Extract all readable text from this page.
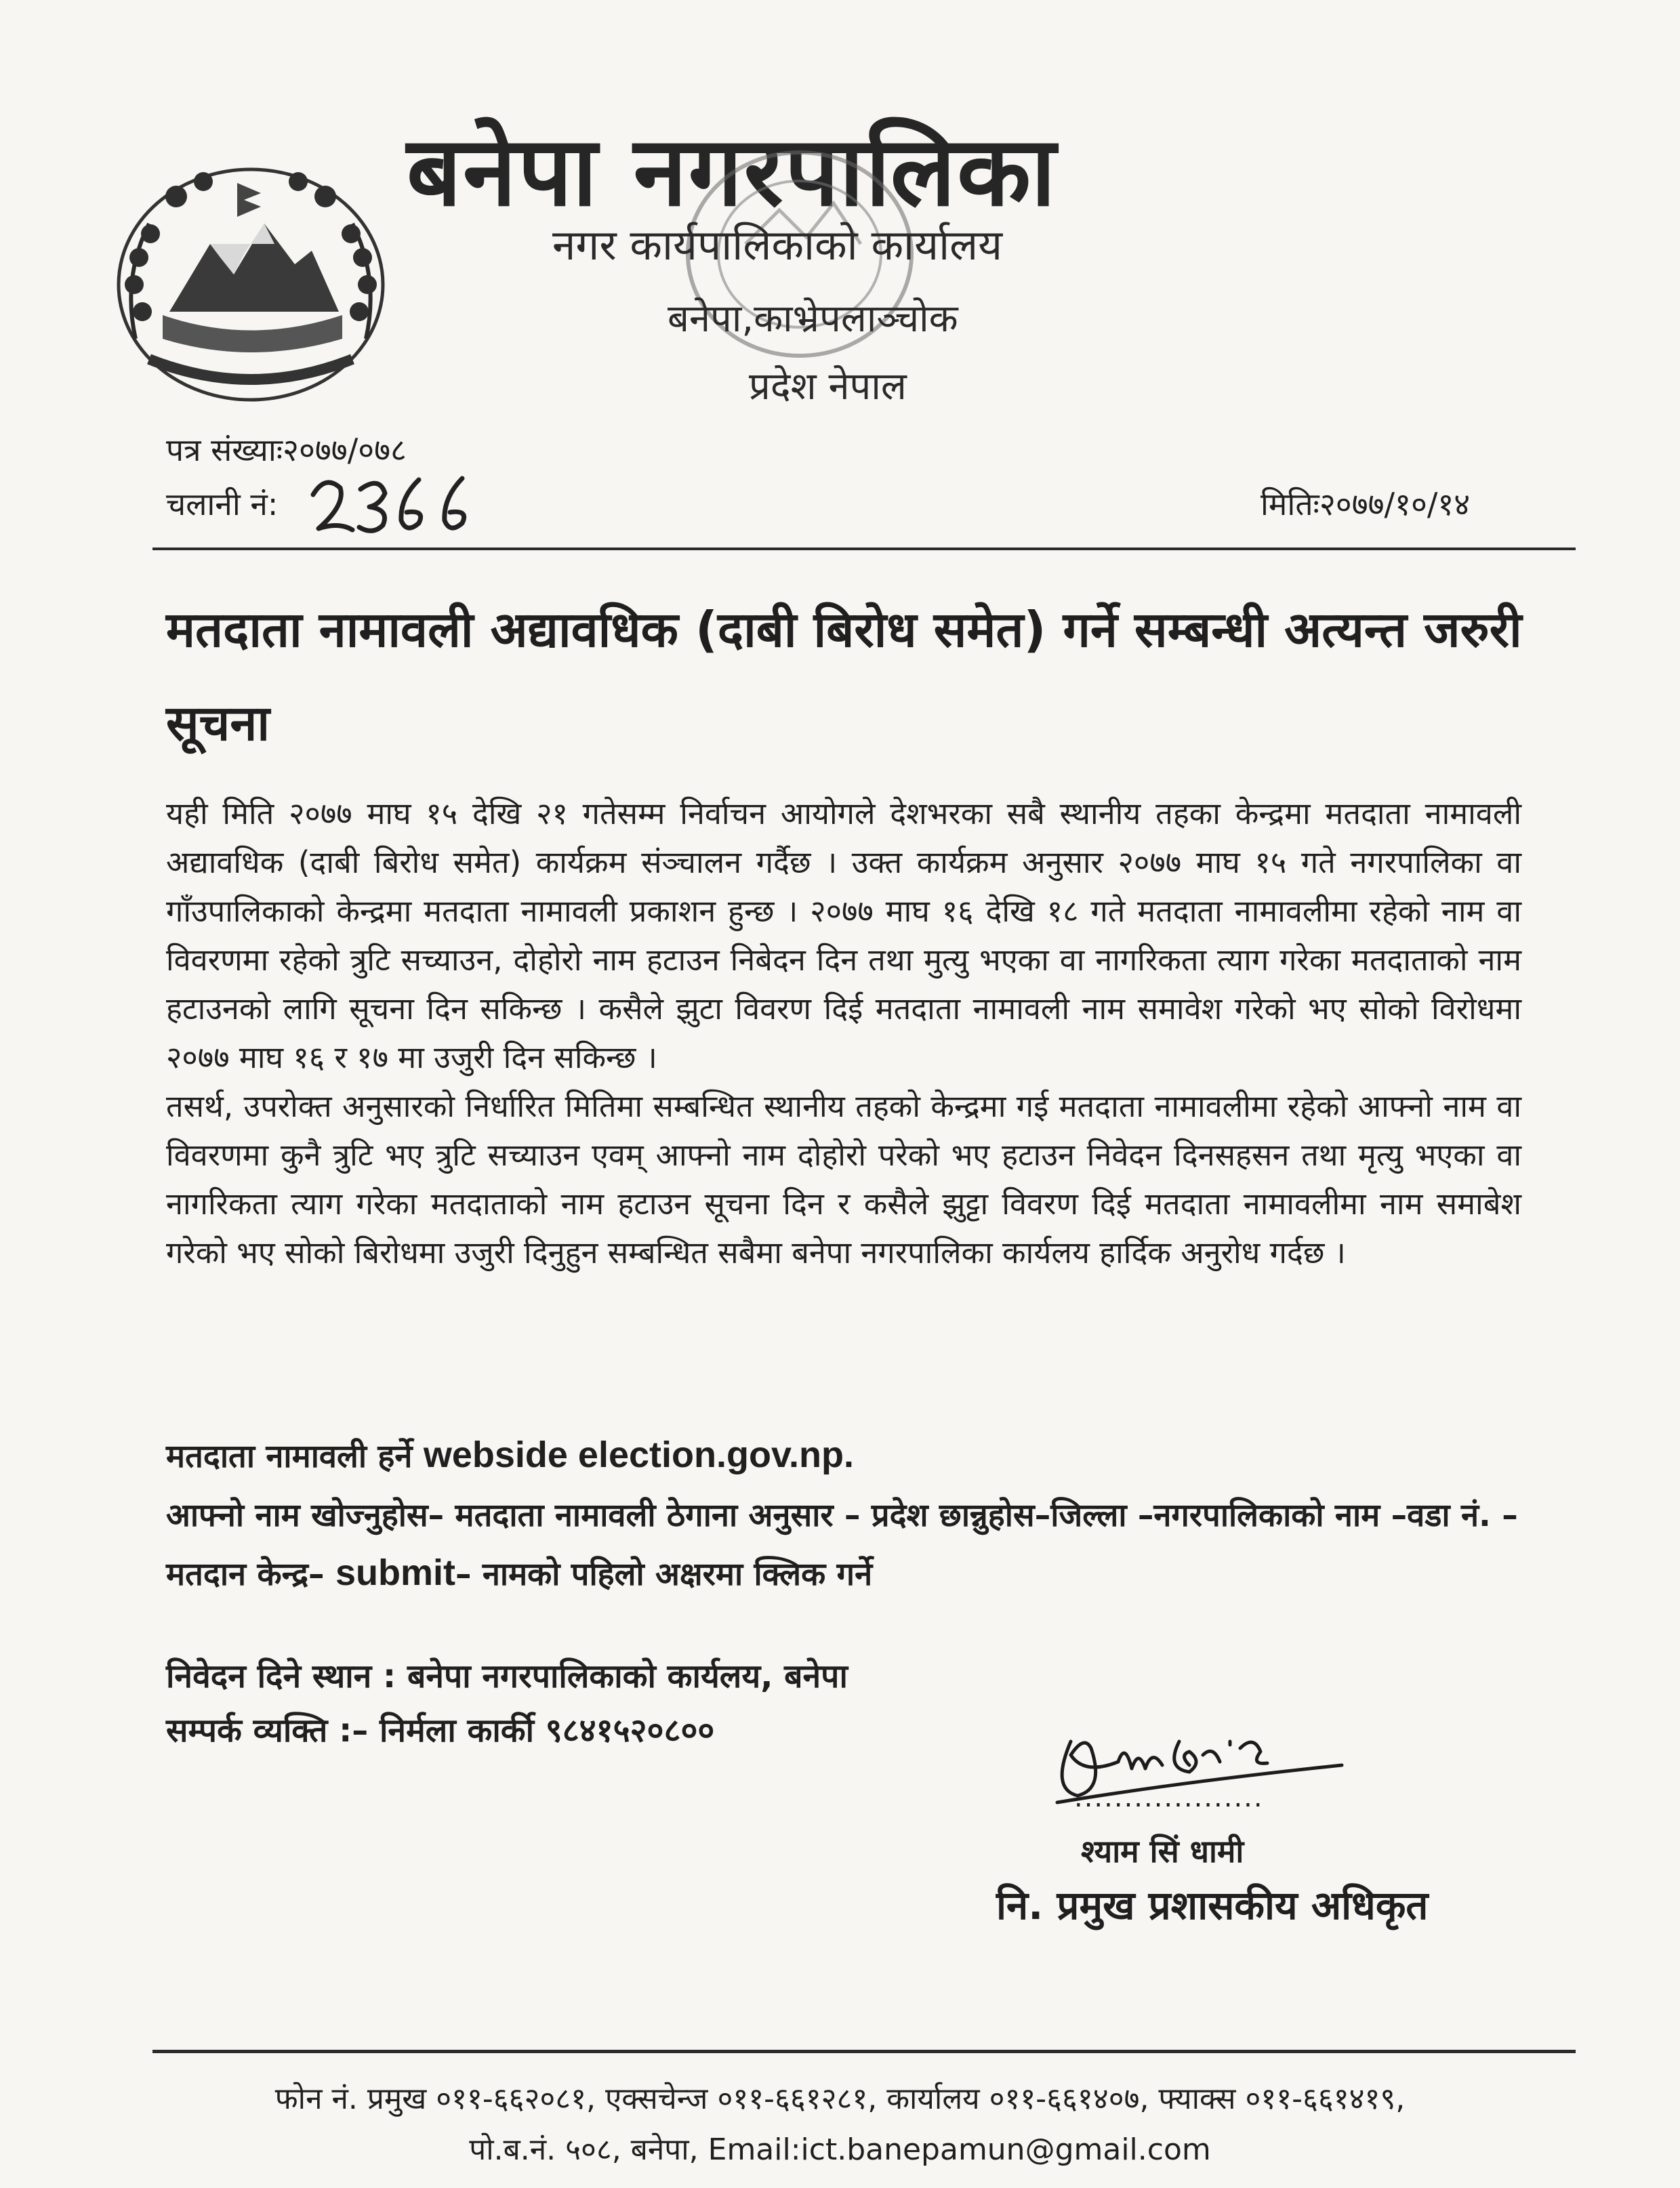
बनेपा नगरपालिका
नगर कार्यपालिकाको कार्यालय
बनेपा,काभ्रेपलाञ्चोक
प्रदेश नेपाल
पत्र संख्याः२०७७/०७८
चलानी नं:	मितिः२०७७/१०/१४
मतदाता नामावली अद्यावधिक (दाबी बिरोध समेत) गर्ने सम्बन्धी अत्यन्त जरुरी सूचना

यही मिति २०७७ माघ १५ देखि २१ गतेसम्म निर्वाचन आयोगले देशभरका सबै स्थानीय तहका केन्द्रमा मतदाता नामावली अद्यावधिक (दाबी बिरोध समेत) कार्यक्रम संञ्चालन गर्दैछ । उक्त कार्यक्रम अनुसार २०७७ माघ १५ गते नगरपालिका वा गाँउपालिकाको केन्द्रमा मतदाता नामावली प्रकाशन हुन्छ । २०७७ माघ १६ देखि १८ गते मतदाता नामावलीमा रहेको नाम वा विवरणमा रहेको त्रुटि सच्याउन, दोहोरो नाम हटाउन निबेदन दिन तथा मुत्यु भएका वा नागरिकता त्याग गरेका मतदाताको नाम हटाउनको लागि सूचना दिन सकिन्छ । कसैले झुटा विवरण दिई मतदाता नामावली नाम समावेश गरेको भए सोको विरोधमा २०७७ माघ १६ र १७ मा उजुरी दिन सकिन्छ ।

तसर्थ, उपरोक्त अनुसारको निर्धारित मितिमा सम्बन्धित स्थानीय तहको केन्द्रमा गई मतदाता नामावलीमा रहेको आफ्नो नाम वा विवरणमा कुनै त्रुटि भए त्रुटि सच्याउन एवम् आफ्नो नाम दोहोरो परेको भए हटाउन निवेदन दिनसहसन तथा मृत्यु भएका वा नागरिकता त्याग गरेका मतदाताको नाम हटाउन सूचना दिन र कसैले झुट्टा विवरण दिई मतदाता नामावलीमा नाम समाबेश गरेको भए सोको बिरोधमा उजुरी दिनुहुन सम्बन्धित सबैमा बनेपा नगरपालिका कार्यलय हार्दिक अनुरोध गर्दछ ।

मतदाता नामावली हर्ने webside election.gov.np.
आफ्नो नाम खोज्नुहोस– मतदाता नामावली ठेगाना अनुसार – प्रदेश छान्नुहोस–जिल्ला –नगरपालिकाको नाम –वडा नं. –मतदान केन्द्र– submit– नामको पहिलो अक्षरमा क्लिक गर्ने
निवेदन दिने स्थान : बनेपा नगरपालिकाको कार्यलय, बनेपा
सम्पर्क व्यक्ति :– निर्मला कार्की ९८४१५२०८००
...................
श्याम सिं धामी
नि. प्रमुख प्रशासकीय अधिकृत
फोन नं. प्रमुख ०११-६६२०८१, एक्सचेन्ज ०११-६६१२८१, कार्यालय ०११-६६१४०७, फ्याक्स ०११-६६१४१९,
पो.ब.नं. ५०८, बनेपा, Email:ict.banepamun@gmail.com
